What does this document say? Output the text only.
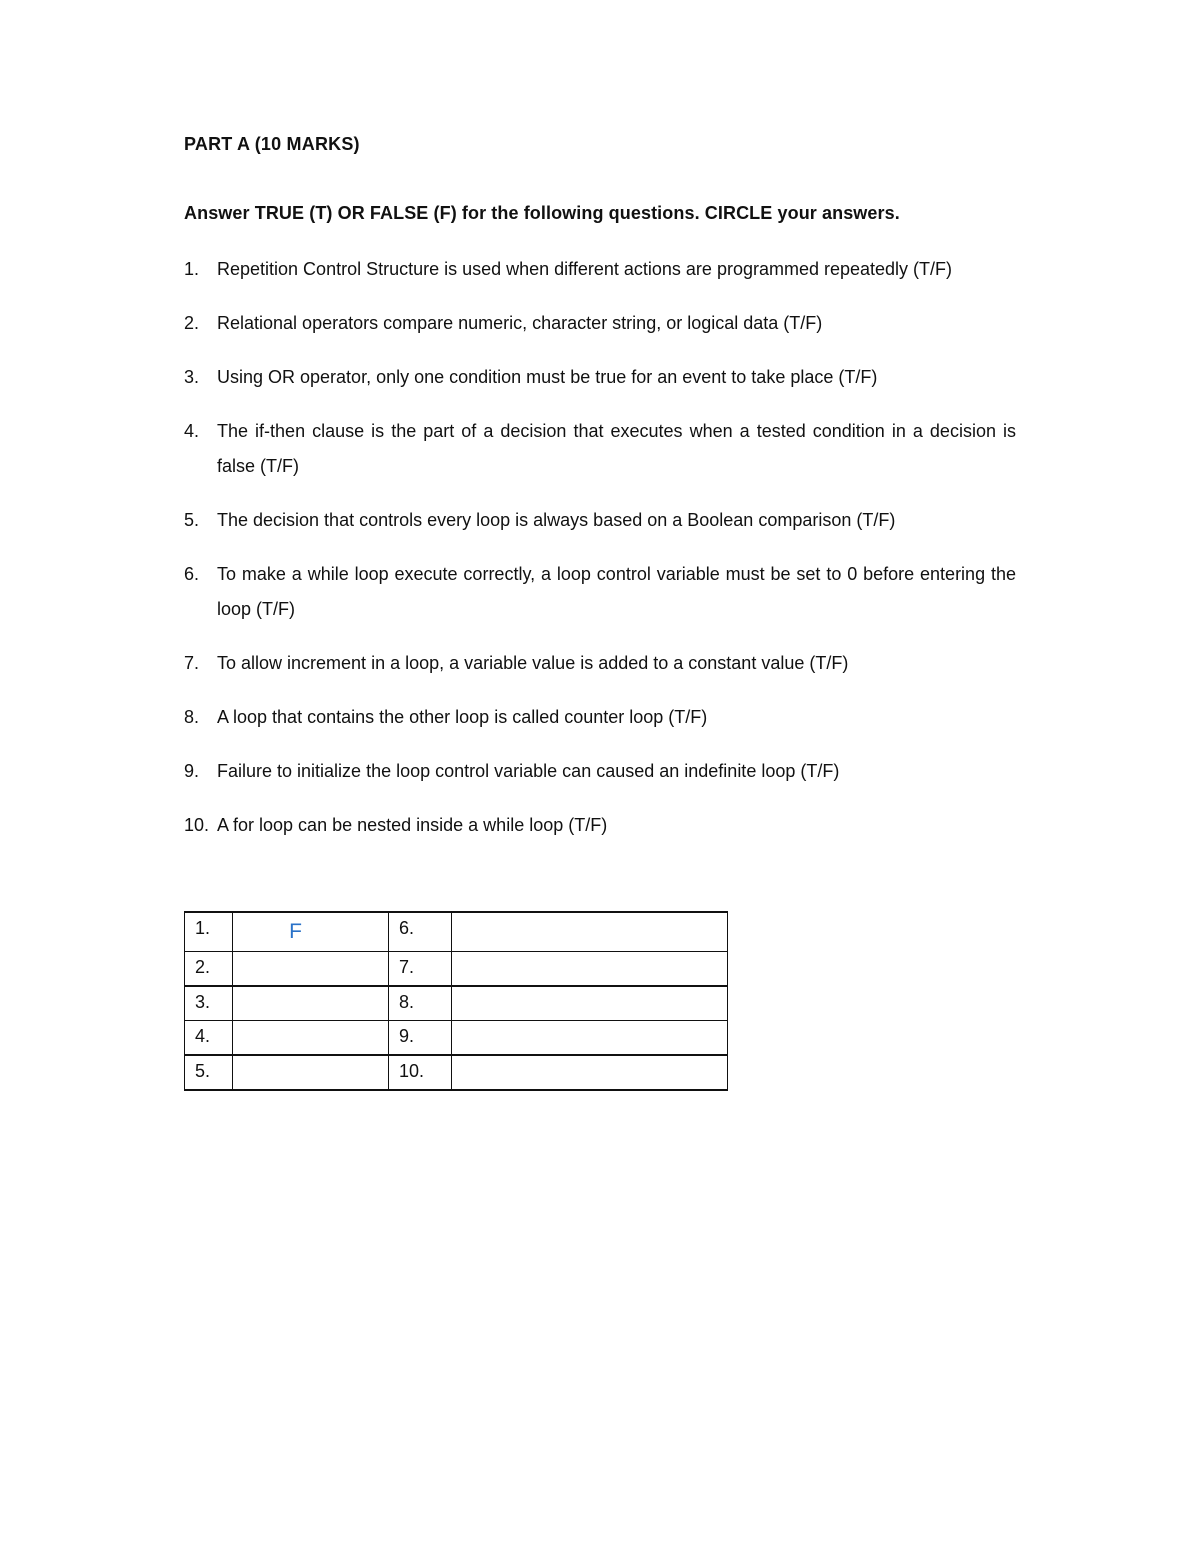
PART A (10 MARKS)

Answer TRUE (T) OR FALSE (F) for the following questions. CIRCLE your answers.

1. Repetition Control Structure is used when different actions are programmed repeatedly (T/F)
2. Relational operators compare numeric, character string, or logical data (T/F)
3. Using OR operator, only one condition must be true for an event to take place (T/F)
4. The if-then clause is the part of a decision that executes when a tested condition in a decision is false (T/F)
5. The decision that controls every loop is always based on a Boolean comparison (T/F)
6. To make a while loop execute correctly, a loop control variable must be set to 0 before entering the loop (T/F)
7. To allow increment in a loop, a variable value is added to a constant value (T/F)
8. A loop that contains the other loop is called counter loop (T/F)
9. Failure to initialize the loop control variable can caused an indefinite loop (T/F)
10. A for loop can be nested inside a while loop (T/F)
1.	F	6.	

2.		7.	

3.		8.	

4.		9.	

5.		10.	
